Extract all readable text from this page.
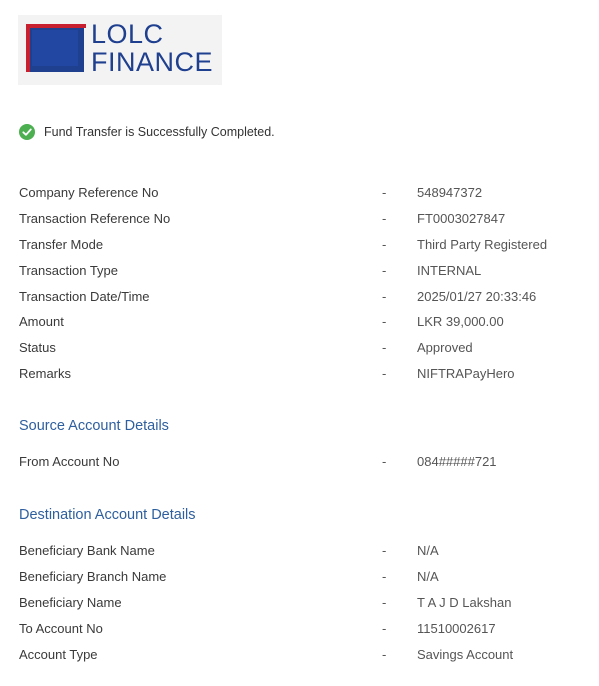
LOLC
FINANCE
Fund Transfer is Successfully Completed.
Company Reference No	- 548947372
Transaction Reference No	- FT0003027847
Transfer Mode	- Third Party Registered
Transaction Type	- INTERNAL
Transaction Date/Time	- 2025/01/27 20:33:46
Amount	- LKR 39,000.00
Status	- Approved
Remarks	- NIFTRAPayHero
Source Account Details
From Account No	- 084#####721
Destination Account Details
Beneficiary Bank Name	- N/A
Beneficiary Branch Name	- N/A
Beneficiary Name	- T A J D Lakshan
To Account No	- 11510002617
Account Type	- Savings Account
